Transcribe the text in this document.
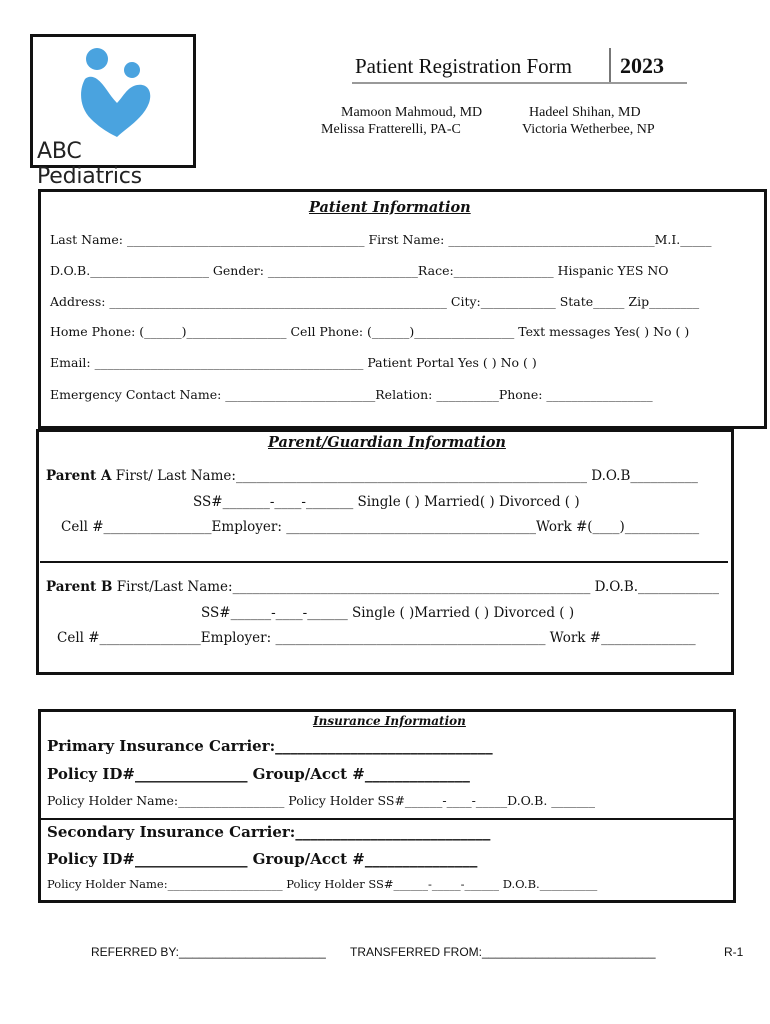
ABC Pediatrics
Patient Registration Form 2023
Mamoon Mahmoud, MD	Hadeel Shihan, MD
Melissa Fratterelli, PA-C	Victoria Wetherbee, NP
Patient Information
Last Name: ______________________________________ First Name: _________________________________M.I._____
D.O.B.___________________ Gender: ________________________Race:________________ Hispanic YES NO
Address: ______________________________________________________ City:____________ State_____ Zip________
Home Phone: (______)________________ Cell Phone: (______)________________ Text messages Yes( ) No ( )
Email: ___________________________________________ Patient Portal Yes ( ) No ( )
Emergency Contact Name: ________________________Relation: __________Phone: _________________
Parent/Guardian Information
Parent A First/ Last Name:____________________________________________________ D.O.B__________
SS#_______-____-_______ Single ( ) Married( ) Divorced ( )
Cell #________________Employer: _____________________________________Work #(____)___________
Parent B First/Last Name:_____________________________________________________ D.O.B.____________
SS#______-____-______ Single ( )Married ( ) Divorced ( )
Cell #_______________Employer: ________________________________________ Work #______________
Insurance Information
Primary Insurance Carrier:_____________________________
Policy ID#_______________ Group/Acct #______________
Policy Holder Name:_________________ Policy Holder SS#______-____-_____D.O.B. _______
Secondary Insurance Carrier:__________________________
Policy ID#_______________ Group/Acct #_______________
Policy Holder Name:____________________ Policy Holder SS#______-_____-______ D.O.B.__________
REFERRED BY:______________________ TRANSFERRED FROM:__________________________	R-1
